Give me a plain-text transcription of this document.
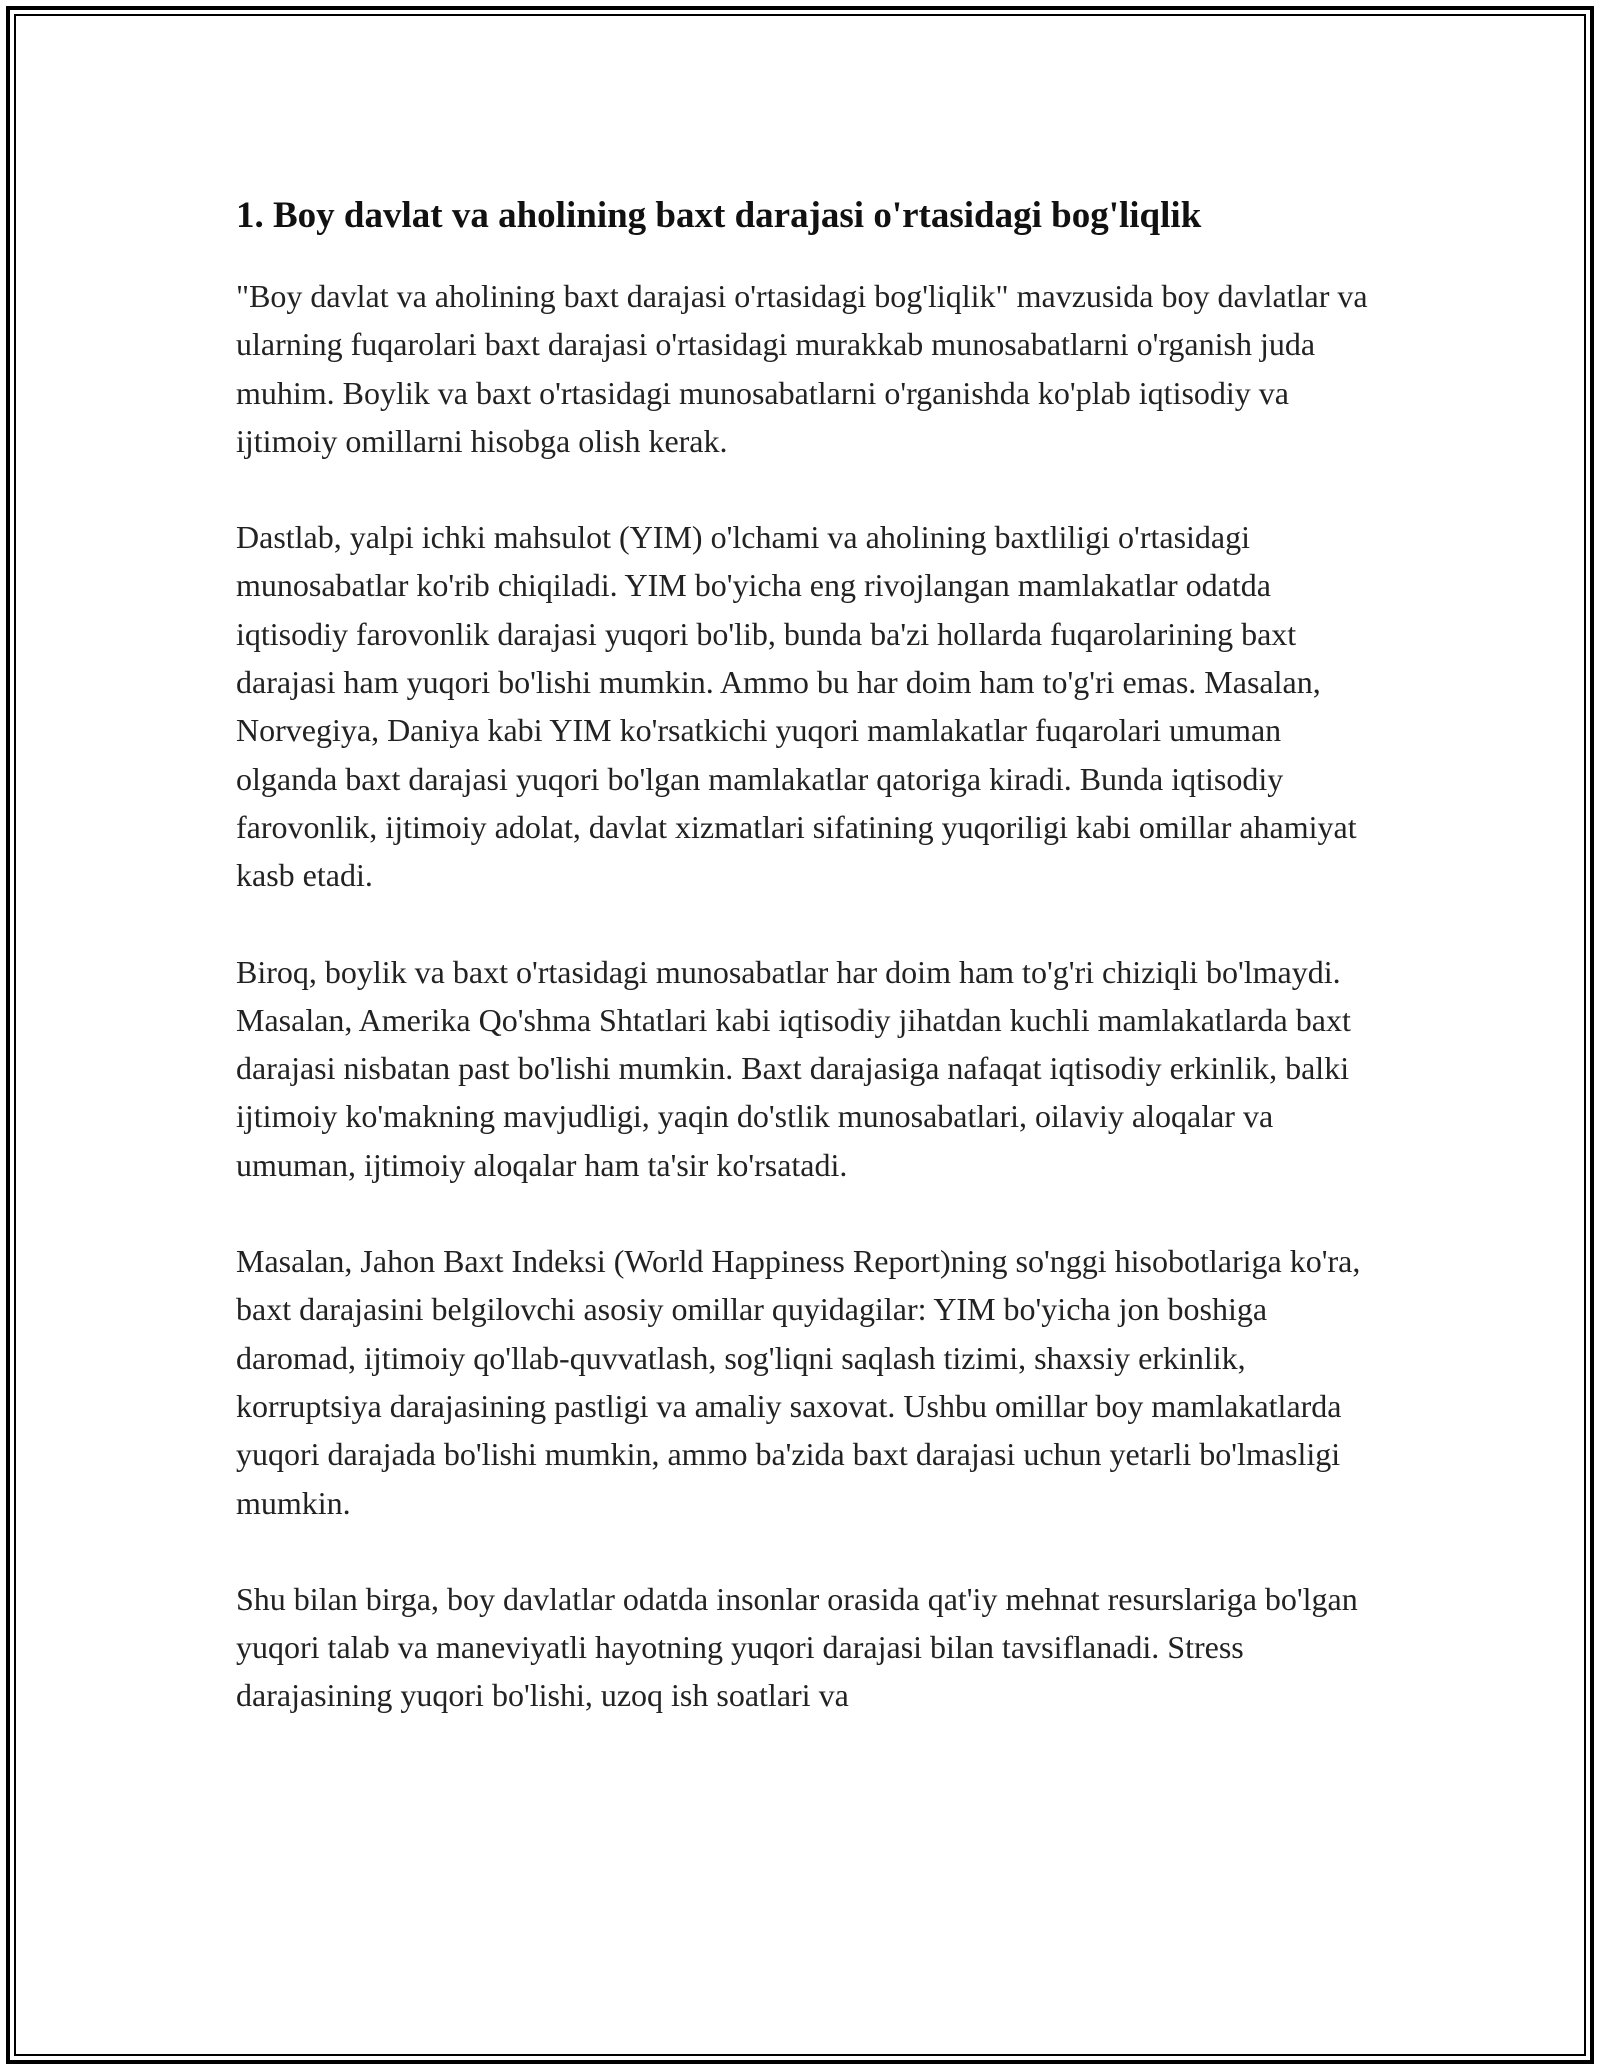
1. Boy davlat va aholining baxt darajasi o'rtasidagi bog'liqlik

"Boy davlat va aholining baxt darajasi o'rtasidagi bog'liqlik" mavzusida boy davlatlar va ularning fuqarolari baxt darajasi o'rtasidagi murakkab munosabatlarni o'rganish juda muhim. Boylik va baxt o'rtasidagi munosabatlarni o'rganishda ko'plab iqtisodiy va ijtimoiy omillarni hisobga olish kerak.

Dastlab, yalpi ichki mahsulot (YIM) o'lchami va aholining baxtliligi o'rtasidagi munosabatlar ko'rib chiqiladi. YIM bo'yicha eng rivojlangan mamlakatlar odatda iqtisodiy farovonlik darajasi yuqori bo'lib, bunda ba'zi hollarda fuqarolarining baxt darajasi ham yuqori bo'lishi mumkin. Ammo bu har doim ham to'g'ri emas. Masalan, Norvegiya, Daniya kabi YIM ko'rsatkichi yuqori mamlakatlar fuqarolari umuman olganda baxt darajasi yuqori bo'lgan mamlakatlar qatoriga kiradi. Bunda iqtisodiy farovonlik, ijtimoiy adolat, davlat xizmatlari sifatining yuqoriligi kabi omillar ahamiyat kasb etadi.

Biroq, boylik va baxt o'rtasidagi munosabatlar har doim ham to'g'ri chiziqli bo'lmaydi. Masalan, Amerika Qo'shma Shtatlari kabi iqtisodiy jihatdan kuchli mamlakatlarda baxt darajasi nisbatan past bo'lishi mumkin. Baxt darajasiga nafaqat iqtisodiy erkinlik, balki ijtimoiy ko'makning mavjudligi, yaqin do'stlik munosabatlari, oilaviy aloqalar va umuman, ijtimoiy aloqalar ham ta'sir ko'rsatadi.

Masalan, Jahon Baxt Indeksi (World Happiness Report)ning so'nggi hisobotlariga ko'ra, baxt darajasini belgilovchi asosiy omillar quyidagilar: YIM bo'yicha jon boshiga daromad, ijtimoiy qo'llab-quvvatlash, sog'liqni saqlash tizimi, shaxsiy erkinlik, korruptsiya darajasining pastligi va amaliy saxovat. Ushbu omillar boy mamlakatlarda yuqori darajada bo'lishi mumkin, ammo ba'zida baxt darajasi uchun yetarli bo'lmasligi mumkin.

Shu bilan birga, boy davlatlar odatda insonlar orasida qat'iy mehnat resurslariga bo'lgan yuqori talab va maneviyatli hayotning yuqori darajasi bilan tavsiflanadi. Stress darajasining yuqori bo'lishi, uzoq ish soatlari va
